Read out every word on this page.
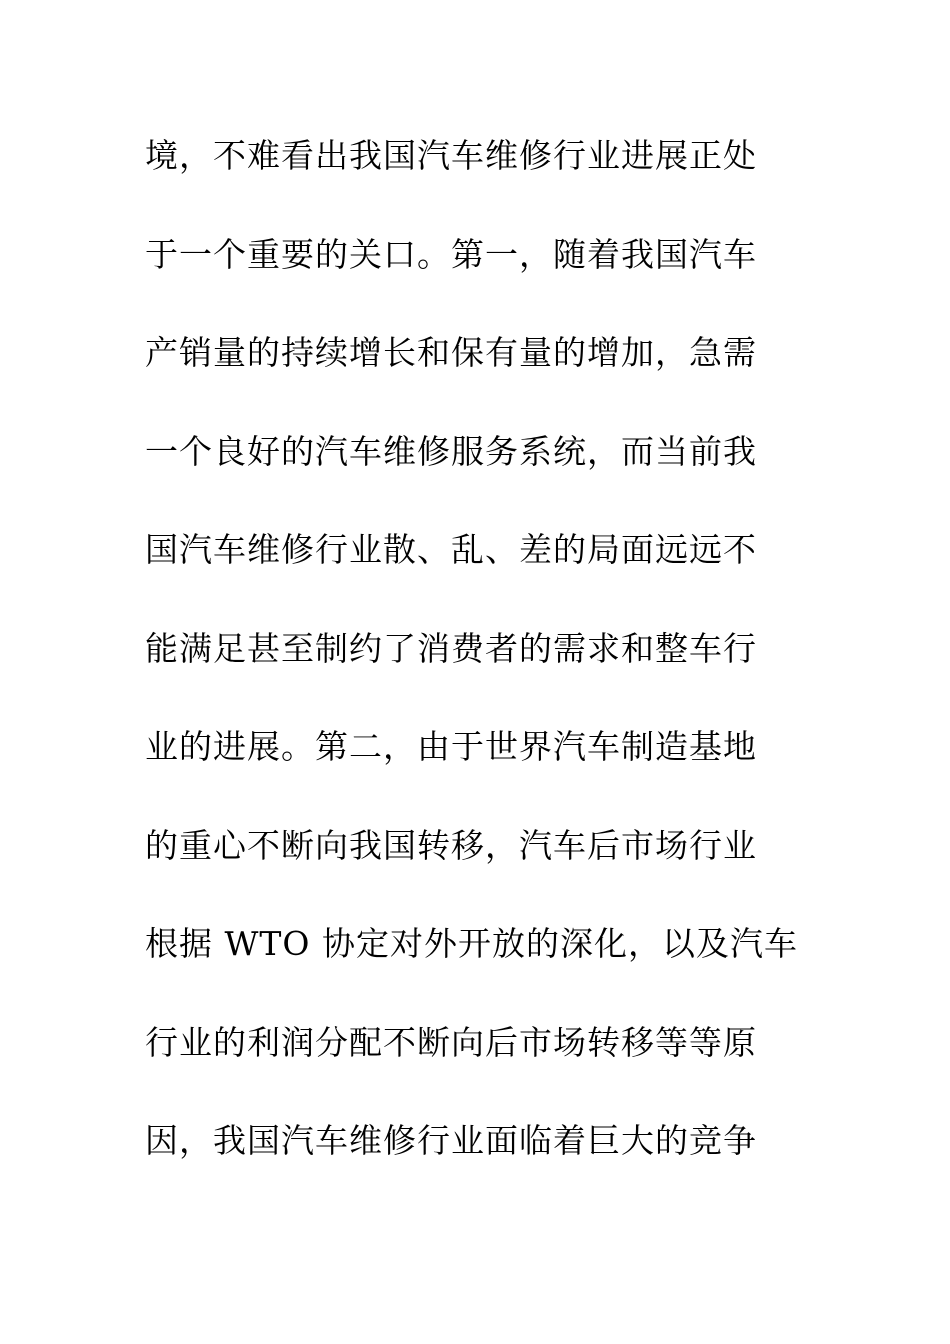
境，不难看出我国汽车维修行业进展正处
于一个重要的关口。第一，随着我国汽车
产销量的持续增长和保有量的增加，急需
一个良好的汽车维修服务系统，而当前我
国汽车维修行业散、乱、差的局面远远不
能满足甚至制约了消费者的需求和整车行
业的进展。第二，由于世界汽车制造基地
的重心不断向我国转移，汽车后市场行业
根据 WTO 协定对外开放的深化，以及汽车
行业的利润分配不断向后市场转移等等原
因，我国汽车维修行业面临着巨大的竞争
